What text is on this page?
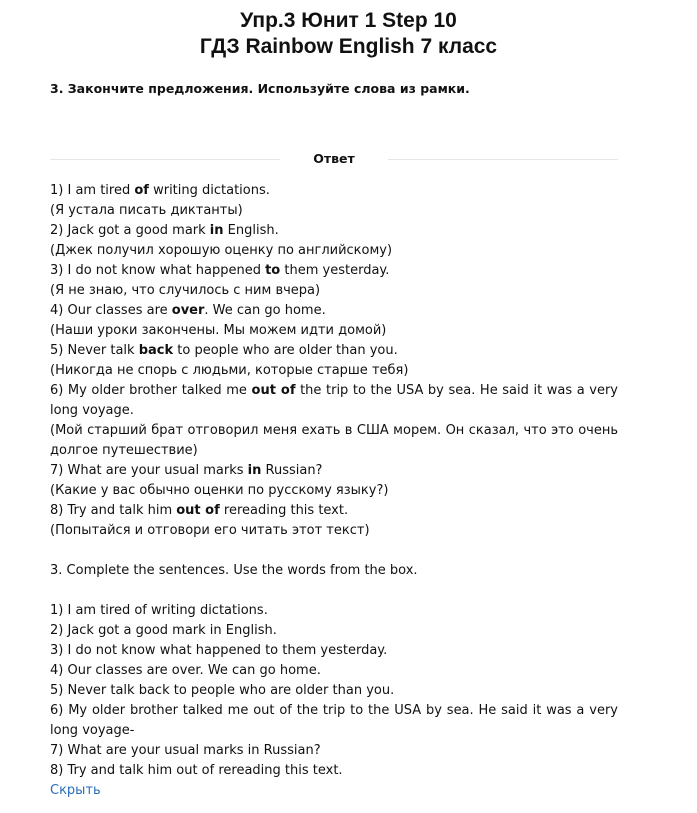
Упр.3 Юнит 1 Step 10
ГДЗ Rainbow English 7 класс
3. Закончите предложения. Используйте слова из рамки.
Ответ
1) I am tired of writing dictations.
(Я устала писать диктанты)
2) Jack got a good mark in English.
(Джек получил хорошую оценку по английскому)
3) I do not know what happened to them yesterday.
(Я не знаю, что случилось с ним вчера)
4) Our classes are over. We can go home.
(Наши уроки закончены. Мы можем идти домой)
5) Never talk back to people who are older than you.
(Никогда не спорь с людьми, которые старше тебя)
6) My older brother talked me out of the trip to the USA by sea. He said it was a very
long voyage.
(Мой старший брат отговорил меня ехать в США морем. Он сказал, что это очень
долгое путешествие)
7) What are your usual marks in Russian?
(Какие у вас обычно оценки по русскому языку?)
8) Try and talk him out of rereading this text.
(Попытайся и отговори его читать этот текст)
3. Complete the sentences. Use the words from the box.
1) I am tired of writing dictations.
2) Jack got a good mark in English.
3) I do not know what happened to them yesterday.
4) Our classes are over. We can go home.
5) Never talk back to people who are older than you.
6) My older brother talked me out of the trip to the USA by sea. He said it was a very
long voyage-
7) What are your usual marks in Russian?
8) Try and talk him out of rereading this text.
Скрыть
